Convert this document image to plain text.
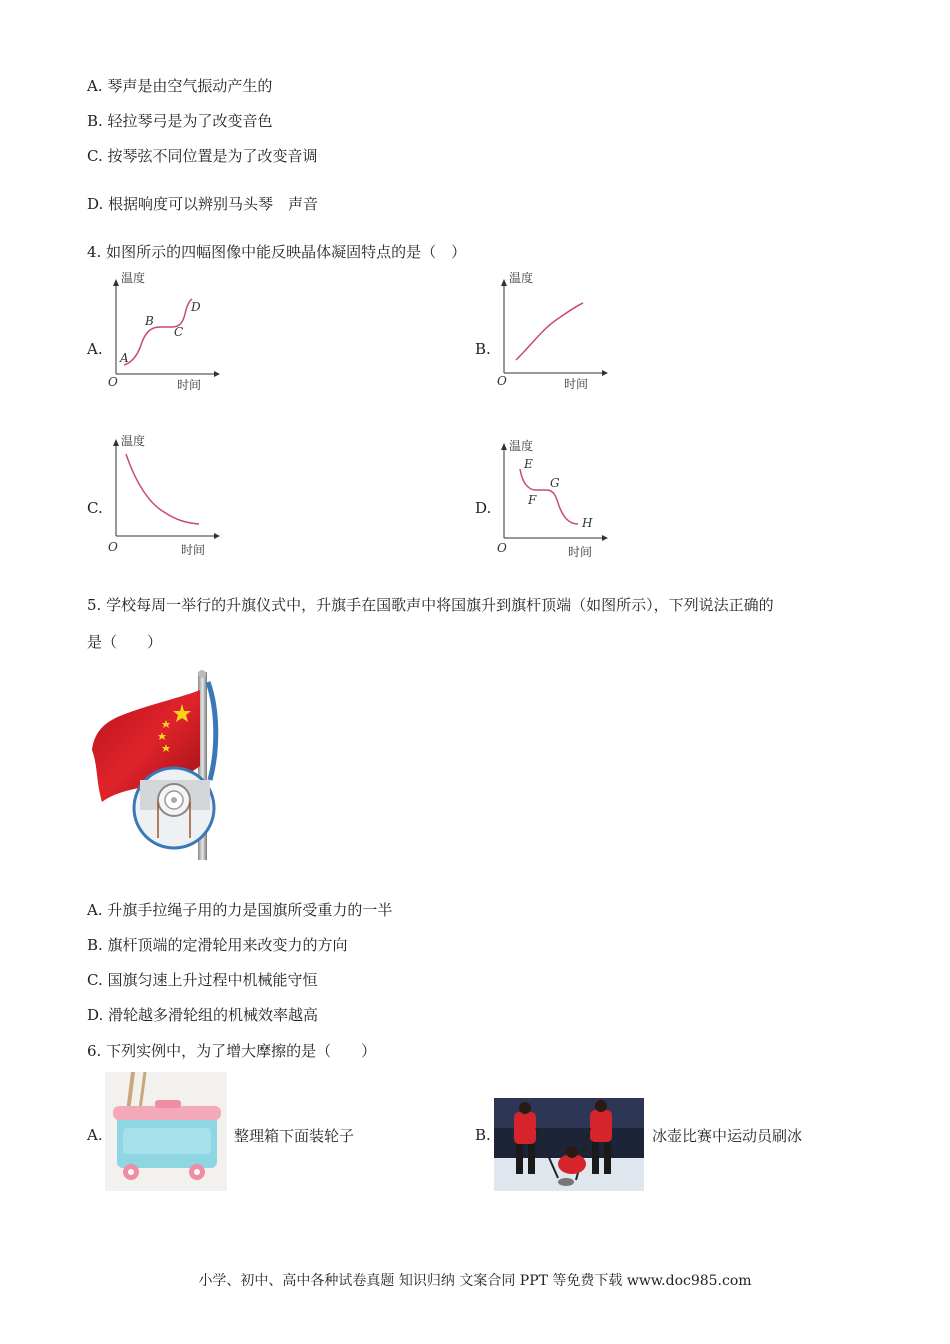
A. 琴声是由空气振动产生的
B. 轻拉琴弓是为了改变音色
C. 按琴弦不同位置是为了改变音调
D. 根据响度可以辨别马头琴　声音
4. 如图所示的四幅图像中能反映晶体凝固特点的是（　）
A.
温度
时间
O
A
B
C
D
B.
温度
时间
O
C.
温度
时间
O
D.
温度
时间
O
E
G
F
H
5. 学校每周一举行的升旗仪式中，升旗手在国歌声中将国旗升到旗杆顶端（如图所示），下列说法正确的
是（　　）
A. 升旗手拉绳子用的力是国旗所受重力的一半
B. 旗杆顶端的定滑轮用来改变力的方向
C. 国旗匀速上升过程中机械能守恒
D. 滑轮越多滑轮组的机械效率越高
6. 下列实例中，为了增大摩擦的是（　　）
A.	整理箱下面装轮子	B.	冰壶比赛中运动员刷冰
小学、初中、高中各种试卷真题 知识归纳 文案合同 PPT 等免费下载 www.doc985.com
